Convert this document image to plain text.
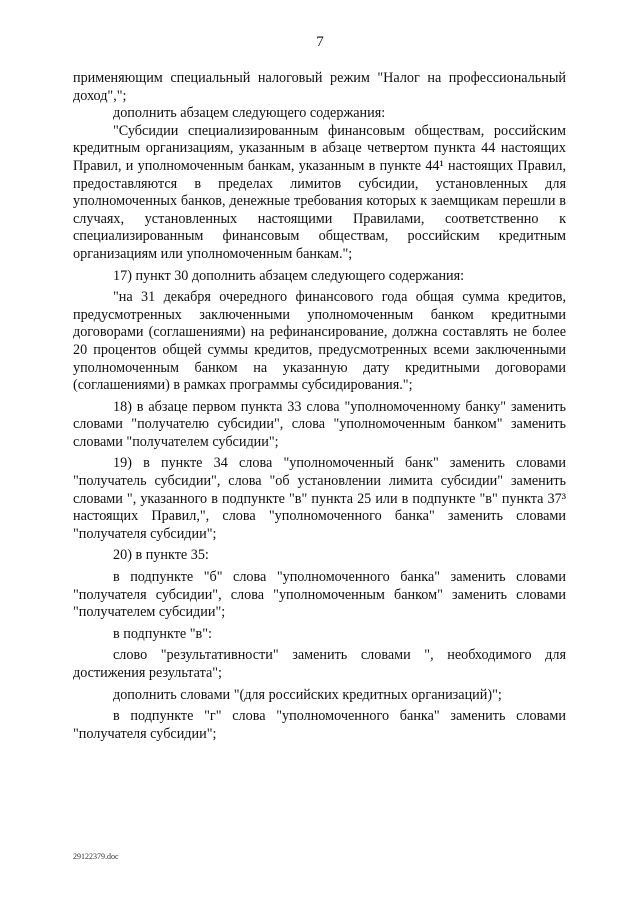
7

применяющим специальный налоговый режим "Налог на профессиональный доход",";

дополнить абзацем следующего содержания:

"Субсидии специализированным финансовым обществам, российским кредитным организациям, указанным в абзаце четвертом пункта 44 настоящих Правил, и уполномоченным банкам, указанным в пункте 44¹ настоящих Правил, предоставляются в пределах лимитов субсидии, установленных для уполномоченных банков, денежные требования которых к заемщикам перешли в случаях, установленных настоящими Правилами, соответственно к специализированным финансовым обществам, российским кредитным организациям или уполномоченным банкам.";

17) пункт 30 дополнить абзацем следующего содержания:

"на 31 декабря очередного финансового года общая сумма кредитов, предусмотренных заключенными уполномоченным банком кредитными договорами (соглашениями) на рефинансирование, должна составлять не более 20 процентов общей суммы кредитов, предусмотренных всеми заключенными уполномоченным банком на указанную дату кредитными договорами (соглашениями) в рамках программы субсидирования.";

18) в абзаце первом пункта 33 слова "уполномоченному банку" заменить словами "получателю субсидии", слова "уполномоченным банком" заменить словами "получателем субсидии";

19) в пункте 34 слова "уполномоченный банк" заменить словами "получатель субсидии", слова "об установлении лимита субсидии" заменить словами ", указанного в подпункте "в" пункта 25 или в подпункте "в" пункта 37³ настоящих Правил,", слова "уполномоченного банка" заменить словами "получателя субсидии";

20) в пункте 35:

в подпункте "б" слова "уполномоченного банка" заменить словами "получателя субсидии", слова "уполномоченным банком" заменить словами "получателем субсидии";

в подпункте "в":

слово "результативности" заменить словами ", необходимого для достижения результата";

дополнить словами "(для российских кредитных организаций)";

в подпункте "г" слова "уполномоченного банка" заменить словами "получателя субсидии";

29122379.doc
